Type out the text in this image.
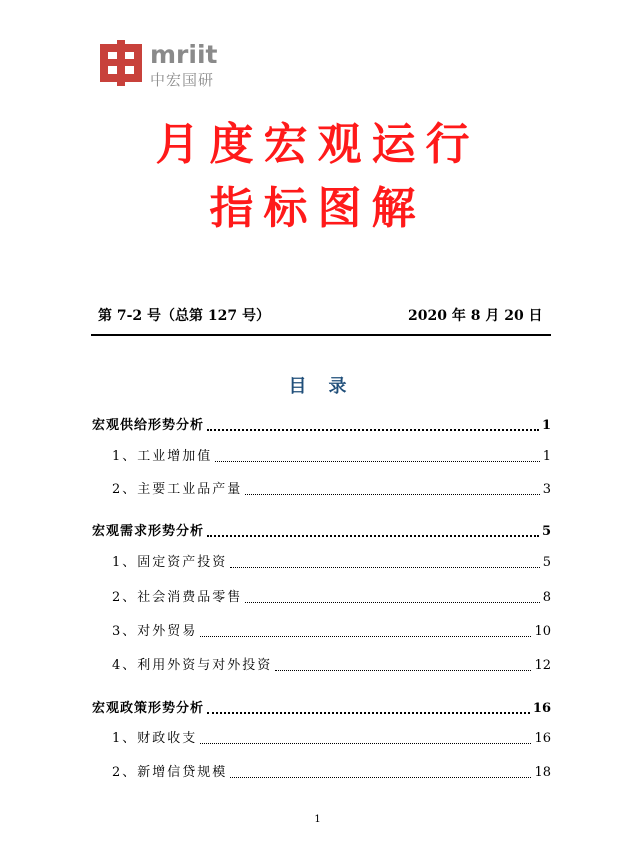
mriit
中宏国研
月度宏观运行
指标图解
第 7-2 号（总第 127 号）	2020 年 8 月 20 日
目录
宏观供给形势分析	1
1、工业增加值	1
2、主要工业品产量	3
宏观需求形势分析	5
1、固定资产投资	5
2、社会消费品零售	8
3、对外贸易	10
4、利用外资与对外投资	12
宏观政策形势分析	16
1、财政收支	16
2、新增信贷规模	18
1
